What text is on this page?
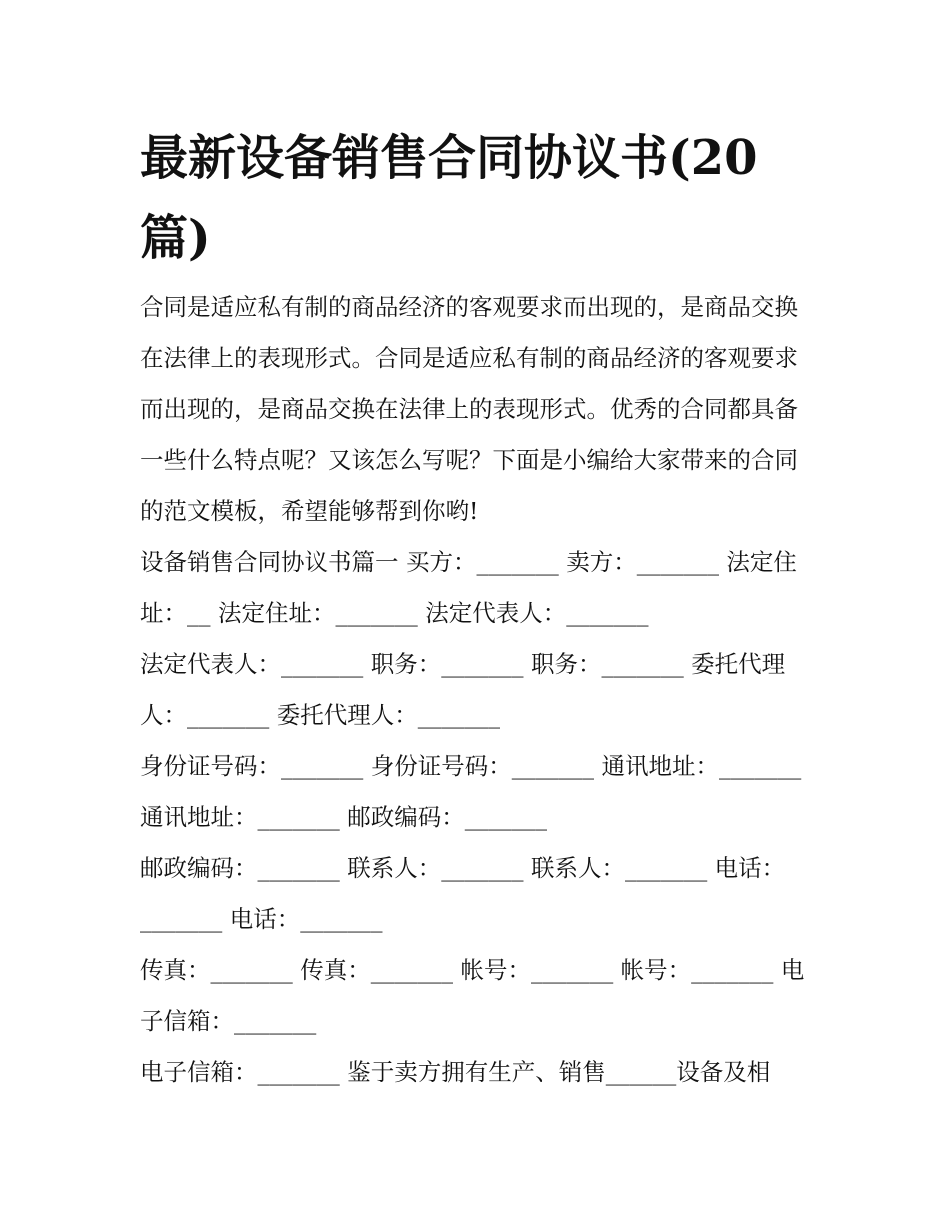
最新设备销售合同协议书(20篇)

合同是适应私有制的商品经济的客观要求而出现的，是商品交换在法律上的表现形式。合同是适应私有制的商品经济的客观要求而出现的，是商品交换在法律上的表现形式。优秀的合同都具备一些什么特点呢？又该怎么写呢？下面是小编给大家带来的合同的范文模板，希望能够帮到你哟!

设备销售合同协议书篇一 买方：_______ 卖方：_______ 法定住址：__ 法定住址：_______ 法定代表人：_______

法定代表人：_______ 职务：_______ 职务：_______ 委托代理人：_______ 委托代理人：_______

身份证号码：_______ 身份证号码：_______ 通讯地址：_______ 通讯地址：_______ 邮政编码：_______

邮政编码：_______ 联系人：_______ 联系人：_______ 电话：_______ 电话：_______

传真：_______ 传真：_______ 帐号：_______ 帐号：_______ 电子信箱：_______

电子信箱：_______ 鉴于卖方拥有生产、销售______设备及相
